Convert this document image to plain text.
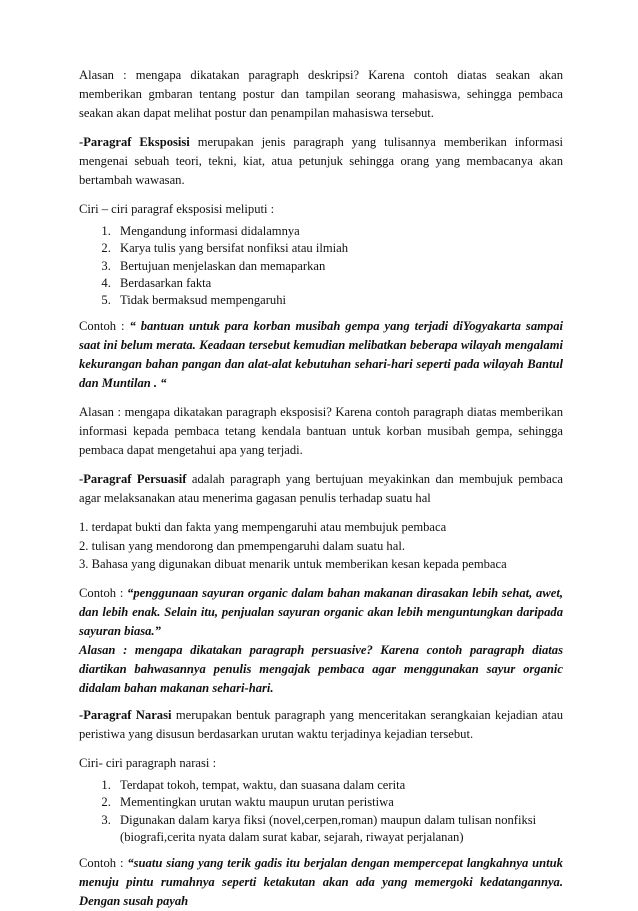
Alasan : mengapa dikatakan paragraph deskripsi? Karena contoh diatas seakan akan memberikan gmbaran tentang postur dan tampilan seorang mahasiswa, sehingga pembaca seakan akan dapat melihat postur dan penampilan mahasiswa tersebut.

-Paragraf Eksposisi merupakan jenis paragraph yang tulisannya memberikan informasi mengenai sebuah teori, tekni, kiat, atua petunjuk sehingga orang yang membacanya akan bertambah wawasan.

Ciri – ciri paragraf eksposisi meliputi :

1. Mengandung informasi didalamnya
2. Karya tulis yang bersifat nonfiksi atau ilmiah
3. Bertujuan menjelaskan dan memaparkan
4. Berdasarkan fakta
5. Tidak bermaksud mempengaruhi

Contoh : “ bantuan untuk para korban musibah gempa yang terjadi diYogyakarta sampai saat ini belum merata. Keadaan tersebut kemudian melibatkan beberapa wilayah mengalami kekurangan bahan pangan dan alat-alat kebutuhan sehari-hari seperti pada wilayah Bantul dan Muntilan . “

Alasan : mengapa dikatakan paragraph eksposisi? Karena contoh paragraph diatas memberikan informasi kepada pembaca tetang kendala bantuan untuk korban musibah gempa, sehingga pembaca dapat mengetahui apa yang terjadi.

-Paragraf Persuasif adalah paragraph yang bertujuan meyakinkan dan membujuk pembaca agar melaksanakan atau menerima gagasan penulis terhadap suatu hal

1. terdapat bukti dan fakta yang mempengaruhi atau membujuk pembaca

2. tulisan yang mendorong dan pmempengaruhi dalam suatu hal.

3. Bahasa yang digunakan dibuat menarik untuk memberikan kesan kepada pembaca

Contoh : “penggunaan sayuran organic dalam bahan makanan dirasakan lebih sehat, awet, dan lebih enak. Selain itu, penjualan sayuran organic akan lebih menguntungkan daripada sayuran biasa.”

Alasan : mengapa dikatakan paragraph persuasive? Karena contoh paragraph diatas diartikan bahwasannya penulis mengajak pembaca agar menggunakan sayur organic didalam bahan makanan sehari-hari.

-Paragraf Narasi merupakan bentuk paragraph yang menceritakan serangkaian kejadian atau peristiwa yang disusun berdasarkan urutan waktu terjadinya kejadian tersebut.

Ciri- ciri paragraph narasi :

1. Terdapat tokoh, tempat, waktu, dan suasana dalam cerita
2. Mementingkan urutan waktu maupun urutan peristiwa
3. Digunakan dalam karya fiksi (novel,cerpen,roman) maupun dalam tulisan nonfiksi (biografi,cerita nyata dalam surat kabar, sejarah, riwayat perjalanan)

Contoh : “suatu siang yang terik gadis itu berjalan dengan mempercepat langkahnya untuk menuju pintu rumahnya seperti ketakutan akan ada yang memergoki kedatangannya. Dengan susah payah
